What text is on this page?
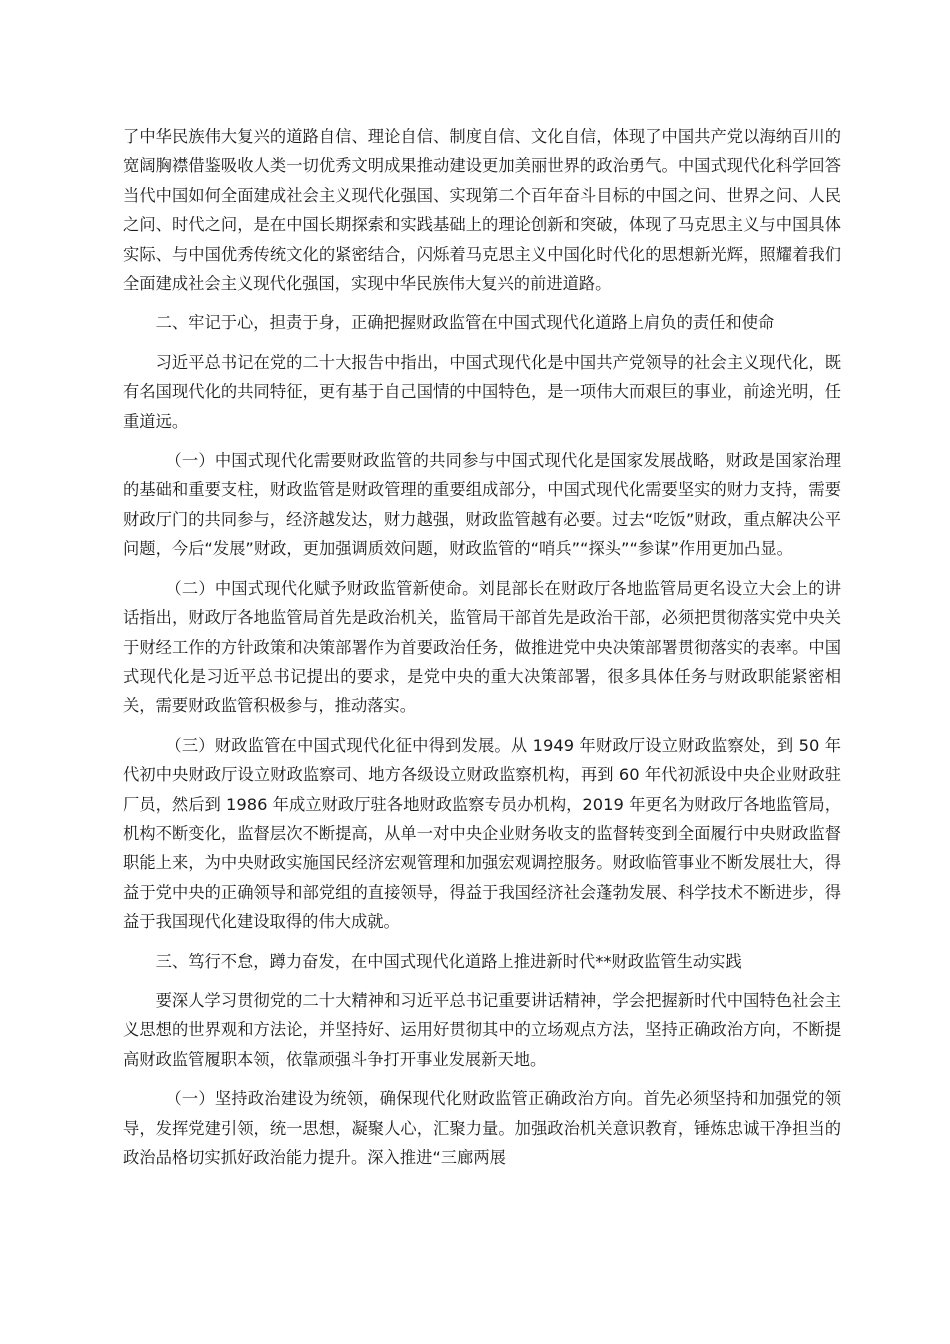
了中华民族伟大复兴的道路自信、理论自信、制度自信、文化自信，体现了中国共产党以海纳百川的宽阔胸襟借鉴吸收人类一切优秀文明成果推动建设更加美丽世界的政治勇气。中国式现代化科学回答当代中国如何全面建成社会主义现代化强国、实现第二个百年奋斗目标的中国之问、世界之问、人民之问、时代之问，是在中国长期探索和实践基础上的理论创新和突破，体现了马克思主义与中国具体实际、与中国优秀传统文化的紧密结合，闪烁着马克思主义中国化时代化的思想新光辉，照耀着我们全面建成社会主义现代化强国，实现中华民族伟大复兴的前进道路。

二、牢记于心，担责于身，正确把握财政监管在中国式现代化道路上肩负的责任和使命

习近平总书记在党的二十大报告中指出，中国式现代化是中国共产党领导的社会主义现代化，既有名国现代化的共同特征，更有基于自己国情的中国特色，是一项伟大而艰巨的事业，前途光明，任重道远。

（一）中国式现代化需要财政监管的共同参与中国式现代化是国家发展战略，财政是国家治理的基础和重要支柱，财政监管是财政管理的重要组成部分，中国式现代化需要坚实的财力支持，需要财政厅门的共同参与，经济越发达，财力越强，财政监管越有必要。过去“吃饭”财政，重点解决公平问题，今后“发展”财政，更加强调质效问题，财政监管的“哨兵”“探头”“参谋”作用更加凸显。

（二）中国式现代化赋予财政监管新使命。刘昆部长在财政厅各地监管局更名设立大会上的讲话指出，财政厅各地监管局首先是政治机关，监管局干部首先是政治干部，必须把贯彻落实党中央关于财经工作的方针政策和决策部署作为首要政治任务，做推进党中央决策部署贯彻落实的表率。中国式现代化是习近平总书记提出的要求，是党中央的重大决策部署，很多具体任务与财政职能紧密相关，需要财政监管积极参与，推动落实。

（三）财政监管在中国式现代化征中得到发展。从 1949 年财政厅设立财政监察处，到 50 年代初中央财政厅设立财政监察司、地方各级设立财政监察机构，再到 60 年代初派设中央企业财政驻厂员，然后到 1986 年成立财政厅驻各地财政监察专员办机构，2019 年更名为财政厅各地监管局，机构不断变化，监督层次不断提高，从单一对中央企业财务收支的监督转变到全面履行中央财政监督职能上来，为中央财政实施国民经济宏观管理和加强宏观调控服务。财政临管事业不断发展壮大，得益于党中央的正确领导和部党组的直接领导，得益于我国经济社会蓬勃发展、科学技术不断进步，得益于我国现代化建设取得的伟大成就。

三、笃行不怠，蹲力奋发，在中国式现代化道路上推进新时代**财政监管生动实践

要深人学习贯彻党的二十大精神和习近平总书记重要讲话精神，学会把握新时代中国特色社会主义思想的世界观和方法论，并坚持好、运用好贯彻其中的立场观点方法，坚持正确政治方向，不断提高财政监管履职本领，依靠顽强斗争打开事业发展新天地。

（一）坚持政治建设为统领，确保现代化财政监管正确政治方向。首先必须坚持和加强党的领导，发挥党建引领，统一思想，凝聚人心，汇聚力量。加强政治机关意识教育，锤炼忠诚干净担当的政治品格切实抓好政治能力提升。深入推进“三廊两展
